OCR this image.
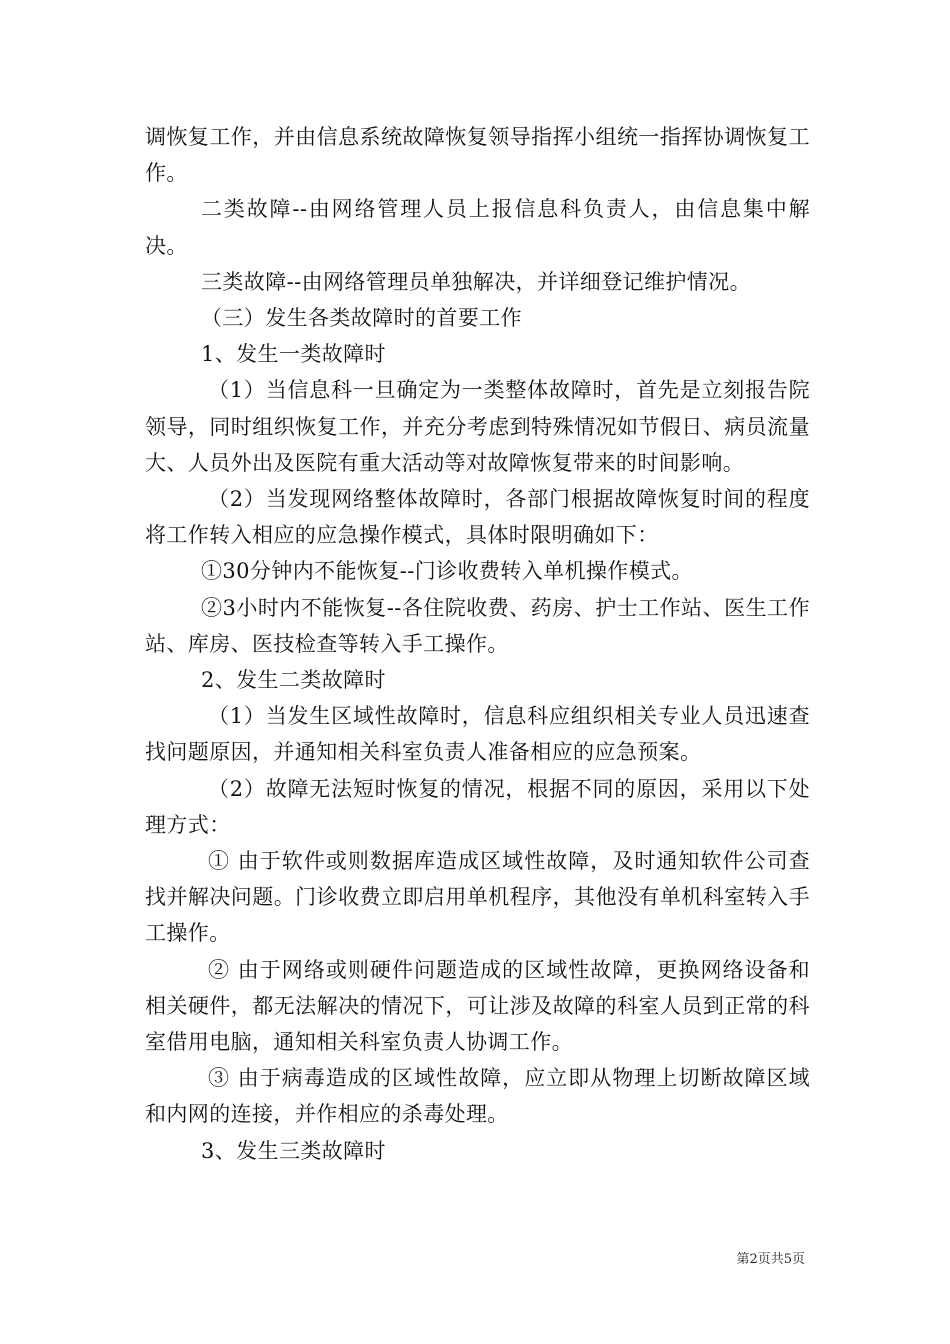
调恢复工作，并由信息系统故障恢复领导指挥小组统一指挥协调恢复工作。

二类故障--由网络管理人员上报信息科负责人，由信息集中解决。

三类故障--由网络管理员单独解决，并详细登记维护情况。

（三）发生各类故障时的首要工作

1、发生一类故障时

（1）当信息科一旦确定为一类整体故障时，首先是立刻报告院领导，同时组织恢复工作，并充分考虑到特殊情况如节假日、病员流量大、人员外出及医院有重大活动等对故障恢复带来的时间影响。

（2）当发现网络整体故障时，各部门根据故障恢复时间的程度将工作转入相应的应急操作模式，具体时限明确如下：

①30分钟内不能恢复--门诊收费转入单机操作模式。

②3小时内不能恢复--各住院收费、药房、护士工作站、医生工作站、库房、医技检查等转入手工操作。

2、发生二类故障时

（1）当发生区域性故障时，信息科应组织相关专业人员迅速查找问题原因，并通知相关科室负责人准备相应的应急预案。

（2）故障无法短时恢复的情况，根据不同的原因，采用以下处理方式：

① 由于软件或则数据库造成区域性故障，及时通知软件公司查找并解决问题。门诊收费立即启用单机程序，其他没有单机科室转入手工操作。

② 由于网络或则硬件问题造成的区域性故障，更换网络设备和相关硬件，都无法解决的情况下，可让涉及故障的科室人员到正常的科室借用电脑，通知相关科室负责人协调工作。

③ 由于病毒造成的区域性故障，应立即从物理上切断故障区域和内网的连接，并作相应的杀毒处理。

3、发生三类故障时

第2页共5页
